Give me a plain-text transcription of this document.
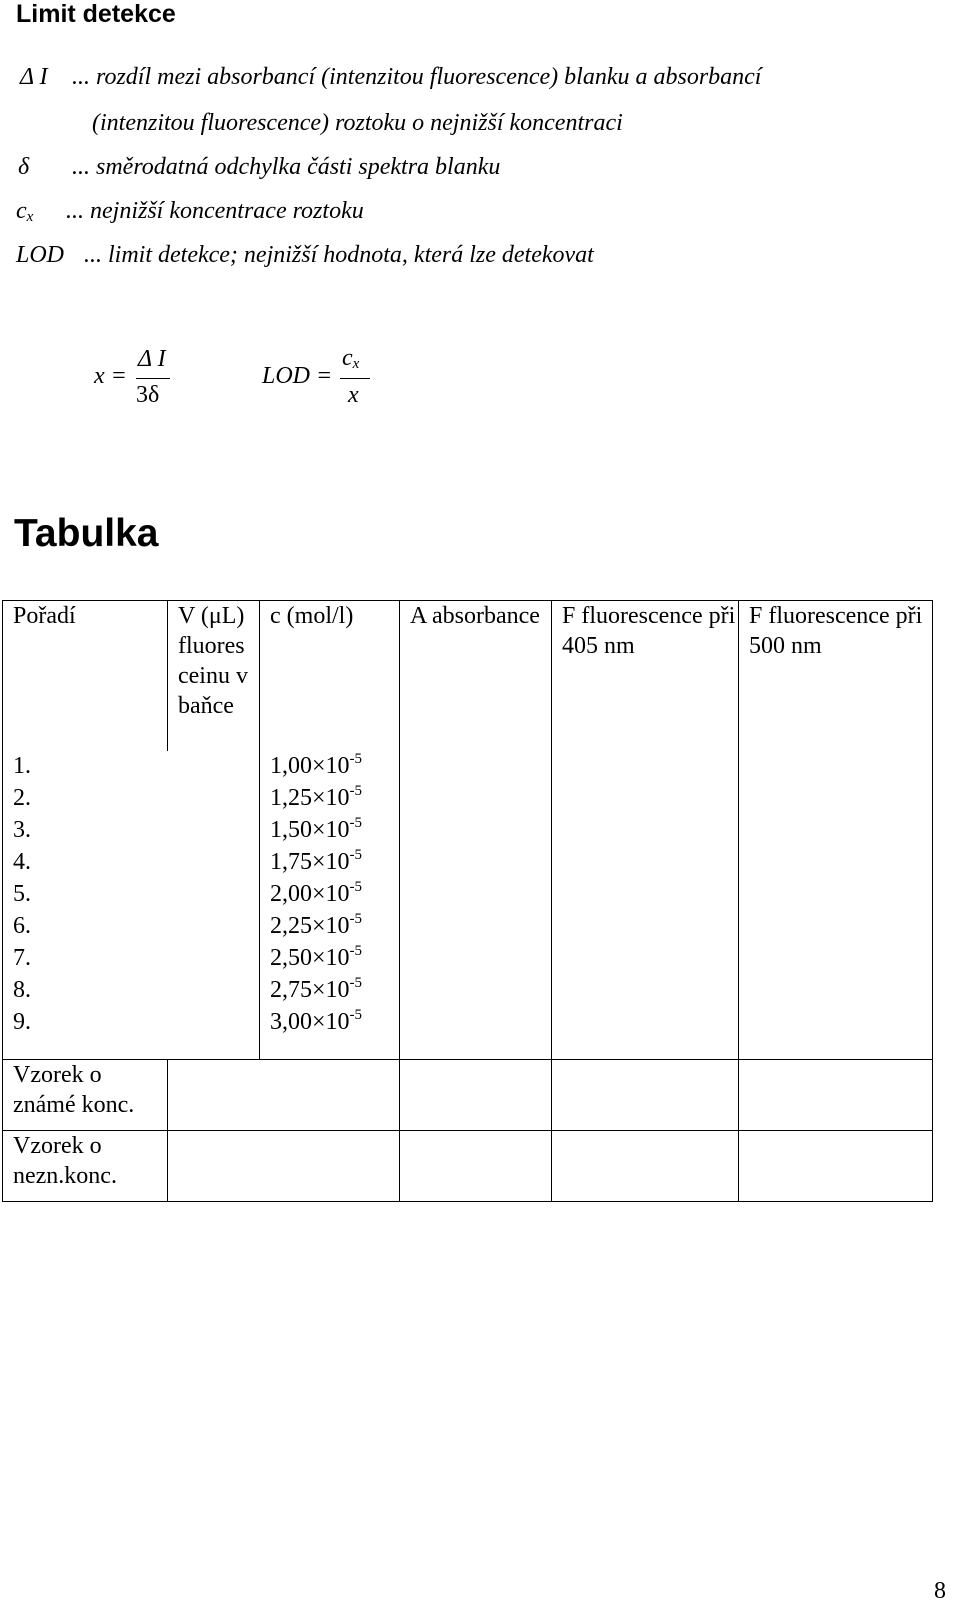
Limit detekce
Δ I ... rozdíl mezi absorbancí (intenzitou fluorescence) blanku a absorbancí
(intenzitou fluorescence) roztoku o nejnižší koncentraci
δ ... směrodatná odchylka části spektra blanku
$c_x$ ... nejnižší koncentrace roztoku
LOD ... limit detekce; nejnižší hodnota, která lze detekovat
x =
Δ I
3δ
LOD =
$c_x$
x
Tabulka
Pořadí	V (μL) fluores ceinu v baňce	c (mol/l)	A absorbance	F fluorescence při 405 nm	F fluorescence při 500 nm
1.		$1,00\times 10^{-5}$			
2.		$1,25\times 10^{-5}$			
3.		$1,50\times 10^{-5}$			
4.		$1,75\times 10^{-5}$			
5.		$2,00\times 10^{-5}$			
6.		$2,25\times 10^{-5}$			
7.		$2,50\times 10^{-5}$			
8.		$2,75\times 10^{-5}$			
9.		$3,00\times 10^{-5}$			

Vzorek o známé konc.					
Vzorek o nezn.konc.					
8
